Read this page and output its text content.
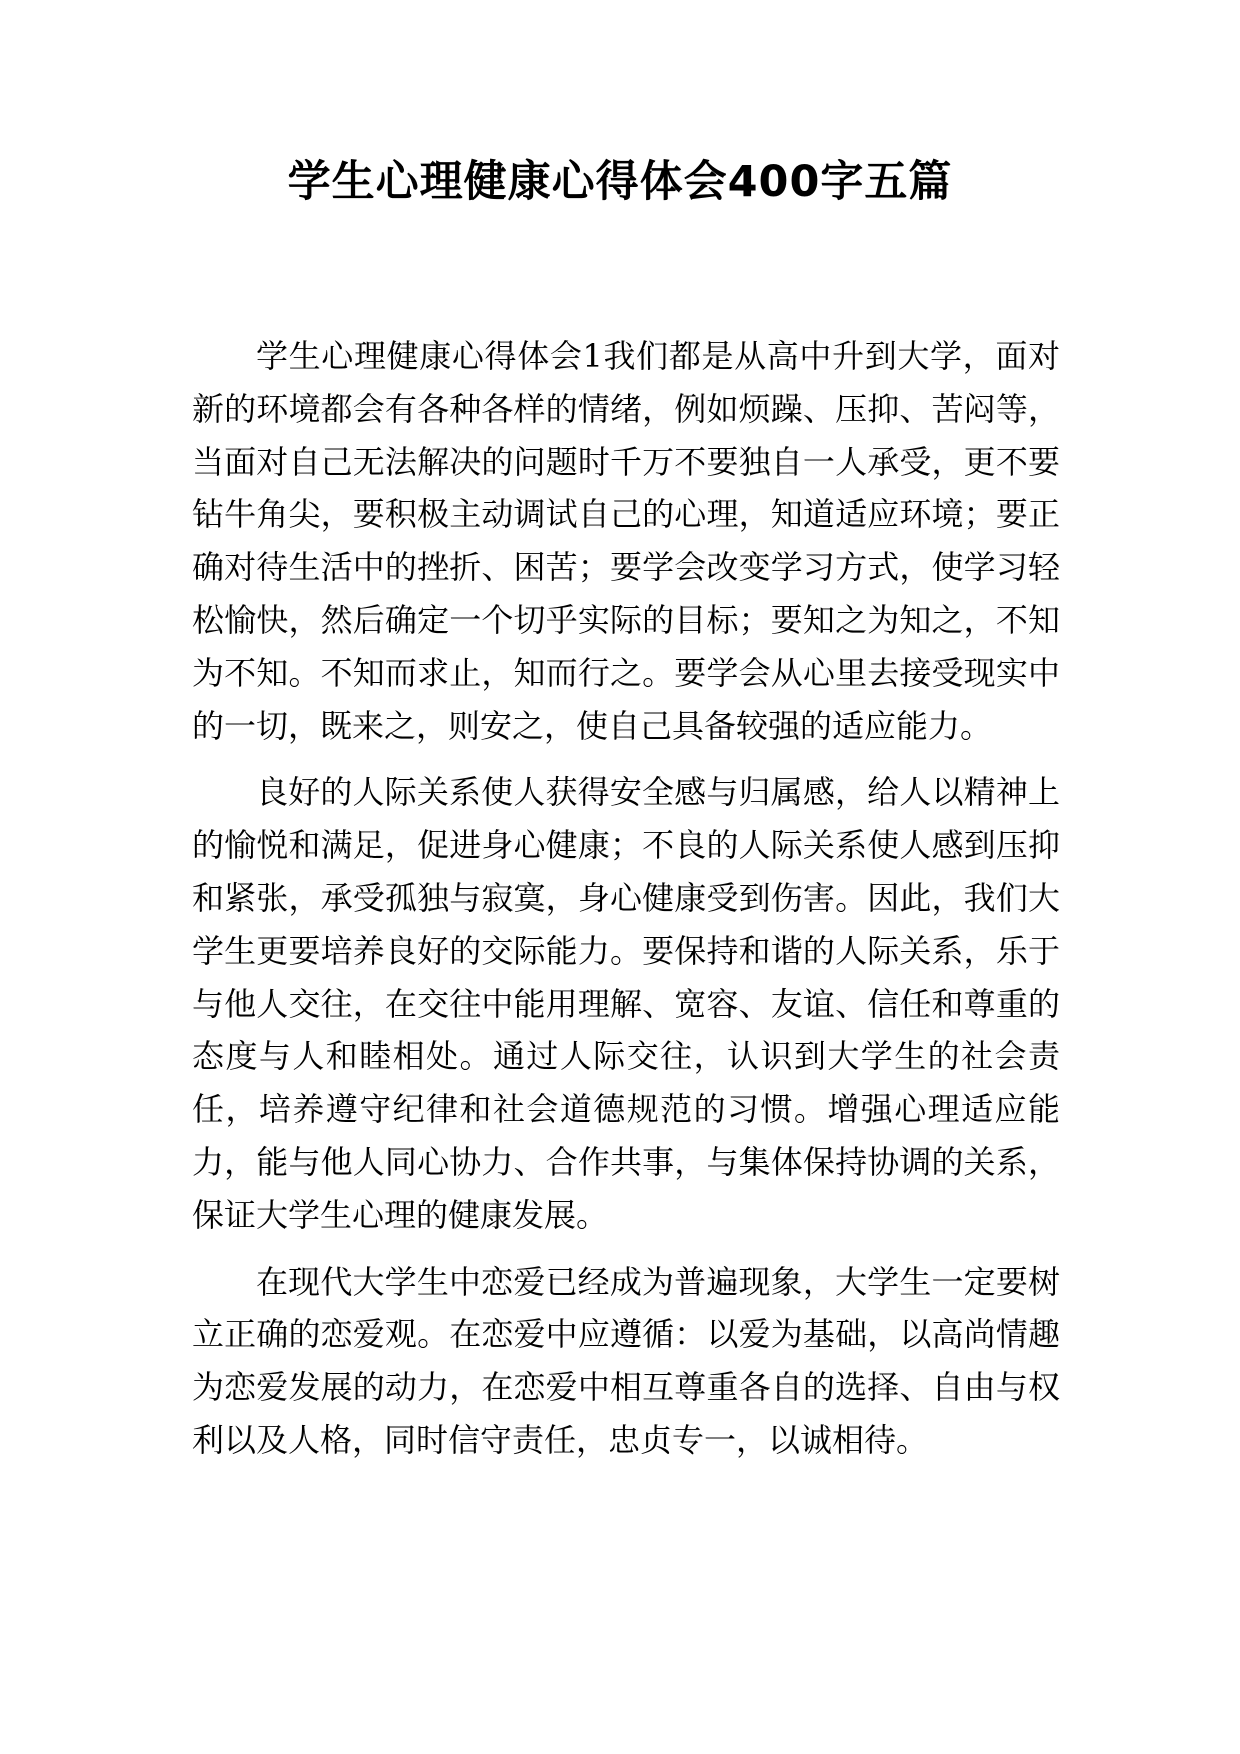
学生心理健康心得体会400字五篇

学生心理健康心得体会1我们都是从高中升到大学，面对新的环境都会有各种各样的情绪，例如烦躁、压抑、苦闷等，当面对自己无法解决的问题时千万不要独自一人承受，更不要钻牛角尖，要积极主动调试自己的心理，知道适应环境；要正确对待生活中的挫折、困苦；要学会改变学习方式，使学习轻松愉快，然后确定一个切乎实际的目标；要知之为知之，不知为不知。不知而求止，知而行之。要学会从心里去接受现实中的一切，既来之，则安之，使自己具备较强的适应能力。

良好的人际关系使人获得安全感与归属感，给人以精神上的愉悦和满足，促进身心健康；不良的人际关系使人感到压抑和紧张，承受孤独与寂寞，身心健康受到伤害。因此，我们大学生更要培养良好的交际能力。要保持和谐的人际关系，乐于与他人交往，在交往中能用理解、宽容、友谊、信任和尊重的态度与人和睦相处。通过人际交往，认识到大学生的社会责任，培养遵守纪律和社会道德规范的习惯。增强心理适应能力，能与他人同心协力、合作共事，与集体保持协调的关系，保证大学生心理的健康发展。

在现代大学生中恋爱已经成为普遍现象，大学生一定要树立正确的恋爱观。在恋爱中应遵循：以爱为基础，以高尚情趣为恋爱发展的动力，在恋爱中相互尊重各自的选择、自由与权利以及人格，同时信守责任，忠贞专一，以诚相待。
